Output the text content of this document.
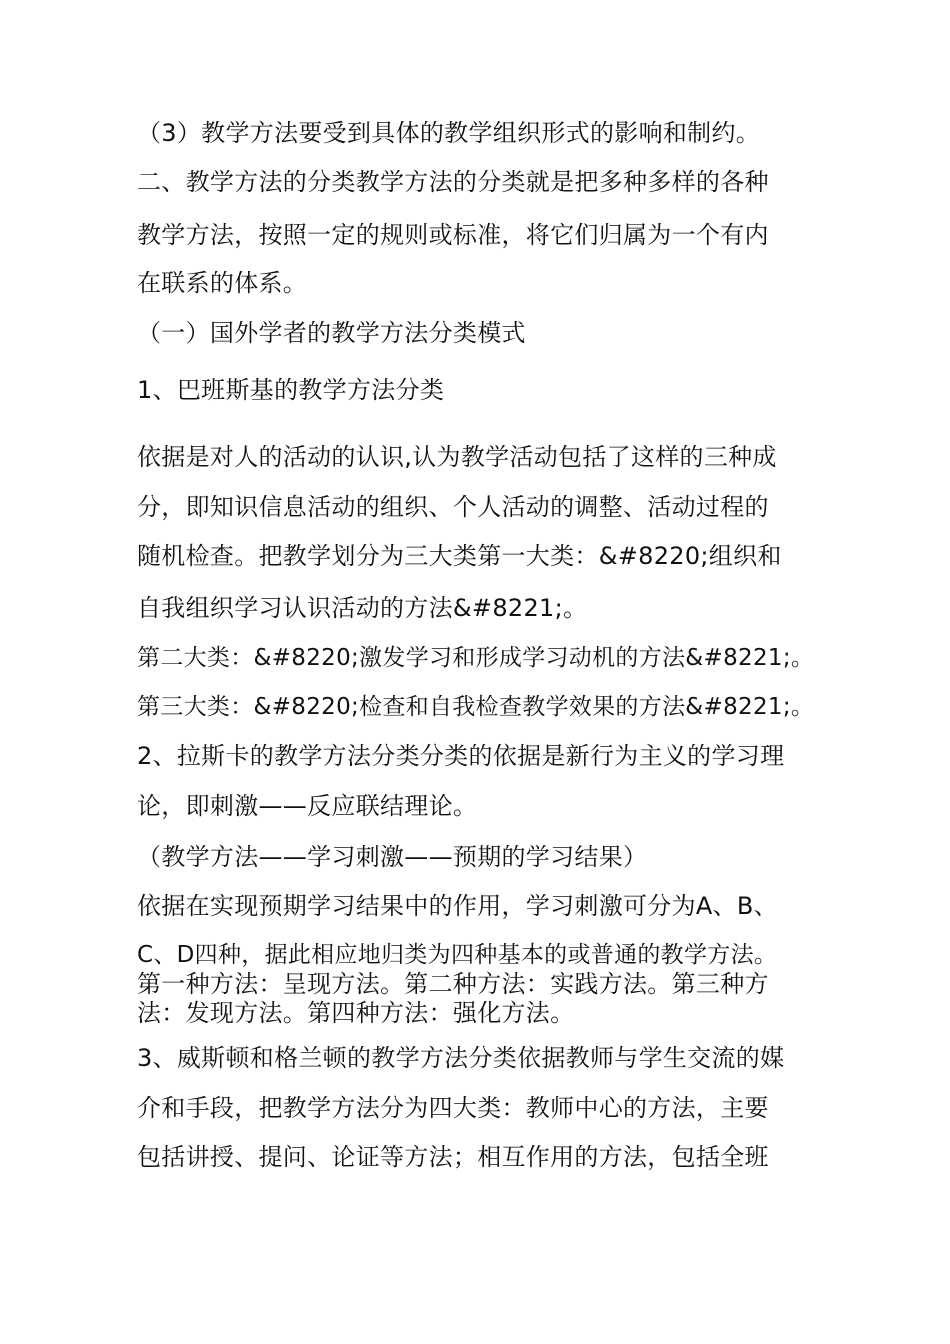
（3）教学方法要受到具体的教学组织形式的影响和制约。
二、教学方法的分类教学方法的分类就是把多种多样的各种
教学方法，按照一定的规则或标准，将它们归属为一个有内
在联系的体系。
（一）国外学者的教学方法分类模式
1、巴班斯基的教学方法分类
依据是对人的活动的认识,认为教学活动包括了这样的三种成
分，即知识信息活动的组织、个人活动的调整、活动过程的
随机检查。把教学划分为三大类第一大类：&#8220;组织和
自我组织学习认识活动的方法&#8221;。
第二大类：&#8220;激发学习和形成学习动机的方法&#8221;。
第三大类：&#8220;检查和自我检查教学效果的方法&#8221;。
2、拉斯卡的教学方法分类分类的依据是新行为主义的学习理
论，即刺激——反应联结理论。
（教学方法——学习刺激——预期的学习结果）
依据在实现预期学习结果中的作用，学习刺激可分为A、B、
C、D四种，据此相应地归类为四种基本的或普通的教学方法。
第一种方法：呈现方法。第二种方法：实践方法。第三种方
法：发现方法。第四种方法：强化方法。
3、威斯顿和格兰顿的教学方法分类依据教师与学生交流的媒
介和手段，把教学方法分为四大类：教师中心的方法，主要
包括讲授、提问、论证等方法；相互作用的方法，包括全班
